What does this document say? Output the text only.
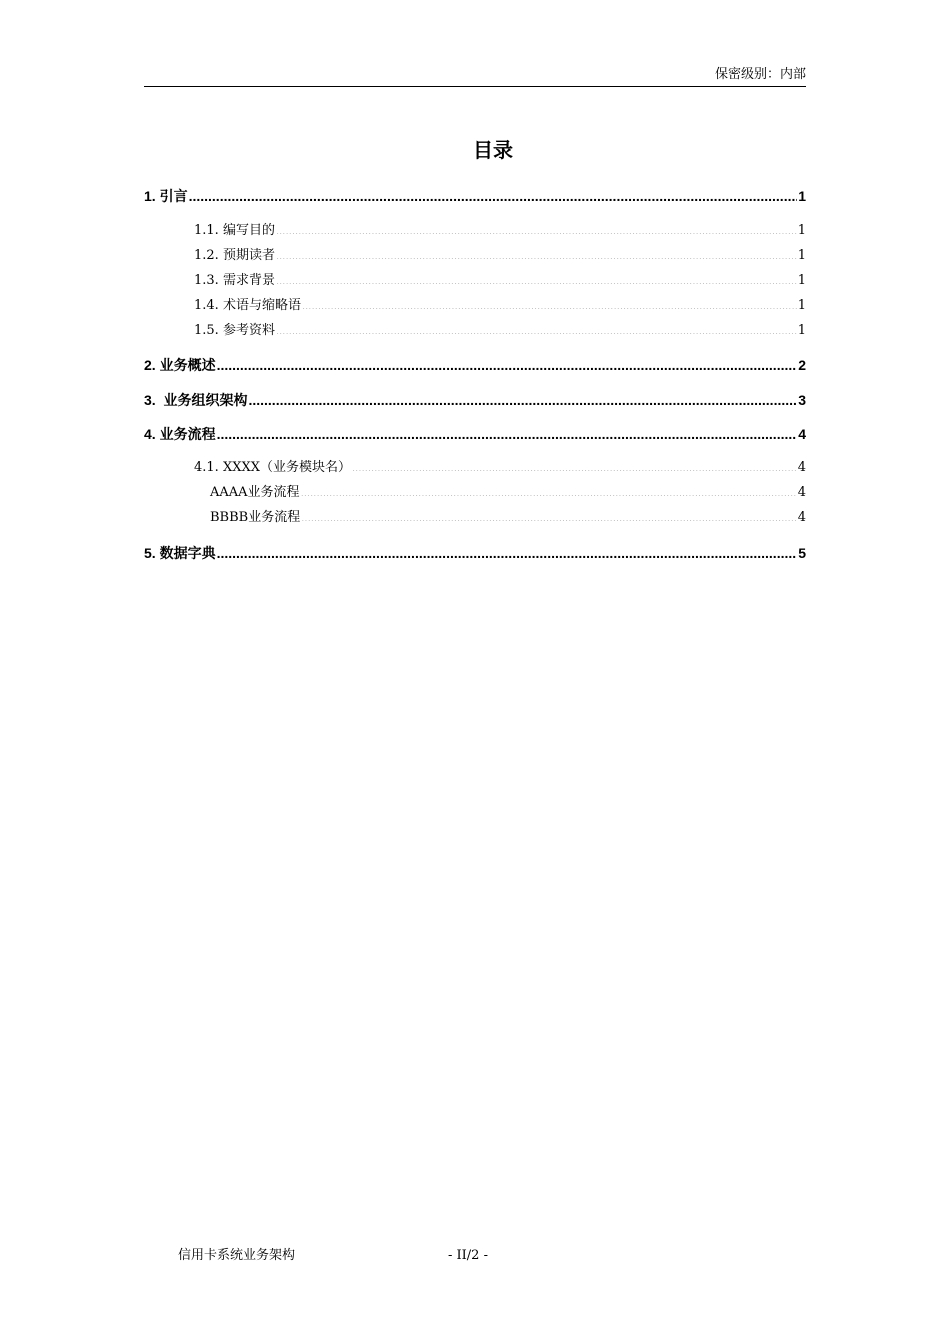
保密级别：内部
目录
1. 引言 .....	1
1.1. 编写目的 .....	1
1.2. 预期读者 .....	1
1.3. 需求背景 .....	1
1.4. 术语与缩略语 .....	1
1.5. 参考资料 .....	1
2. 业务概述 .....	2
3.  业务组织架构 .....	3
4. 业务流程 .....	4
4.1. XXXX（业务模块名） .....	4
AAAA业务流程 .....	4
BBBB业务流程 .....	4
5. 数据字典 .....	5
信用卡系统业务架构	- II/2 -
